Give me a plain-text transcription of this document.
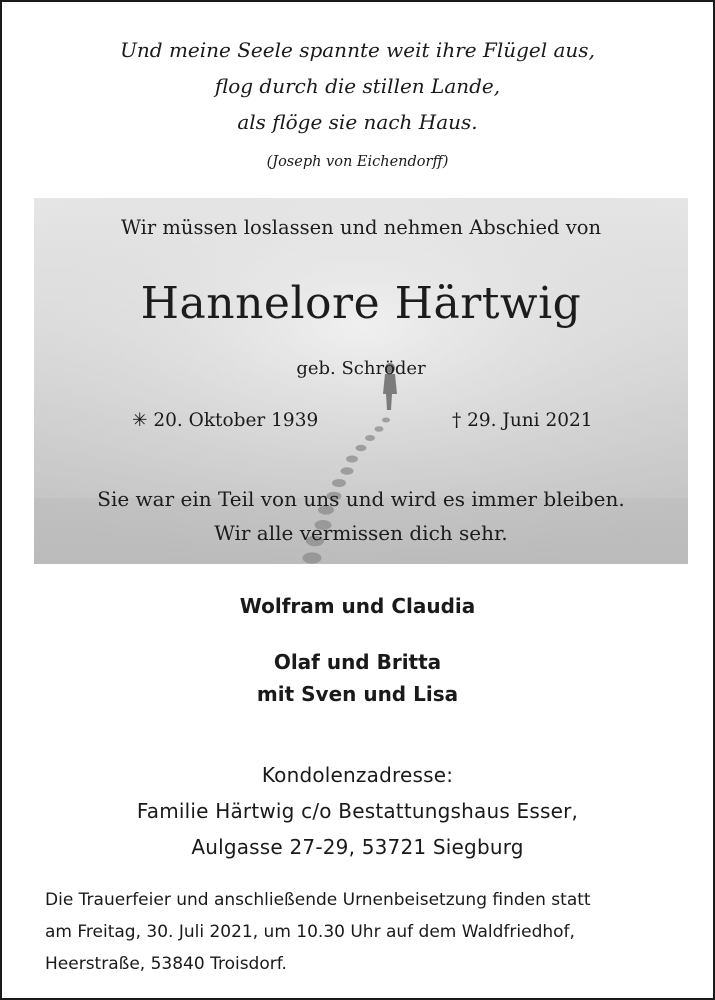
Und meine Seele spannte weit ihre Flügel aus,
flog durch die stillen Lande,
als flöge sie nach Haus.
(Joseph von Eichendorff)
Wir müssen loslassen und nehmen Abschied von
Hannelore Härtwig
geb. Schröder
✳ 20. Oktober 1939	† 29. Juni 2021
Sie war ein Teil von uns und wird es immer bleiben.
Wir alle vermissen dich sehr.
Wolfram und Claudia
Olaf und Britta
mit Sven und Lisa
Kondolenzadresse:
Familie Härtwig c/o Bestattungshaus Esser,
Aulgasse 27-29, 53721 Siegburg
Die Trauerfeier und anschließende Urnenbeisetzung finden statt
am Freitag, 30. Juli 2021, um 10.30 Uhr auf dem Waldfriedhof,
Heerstraße, 53840 Troisdorf.
